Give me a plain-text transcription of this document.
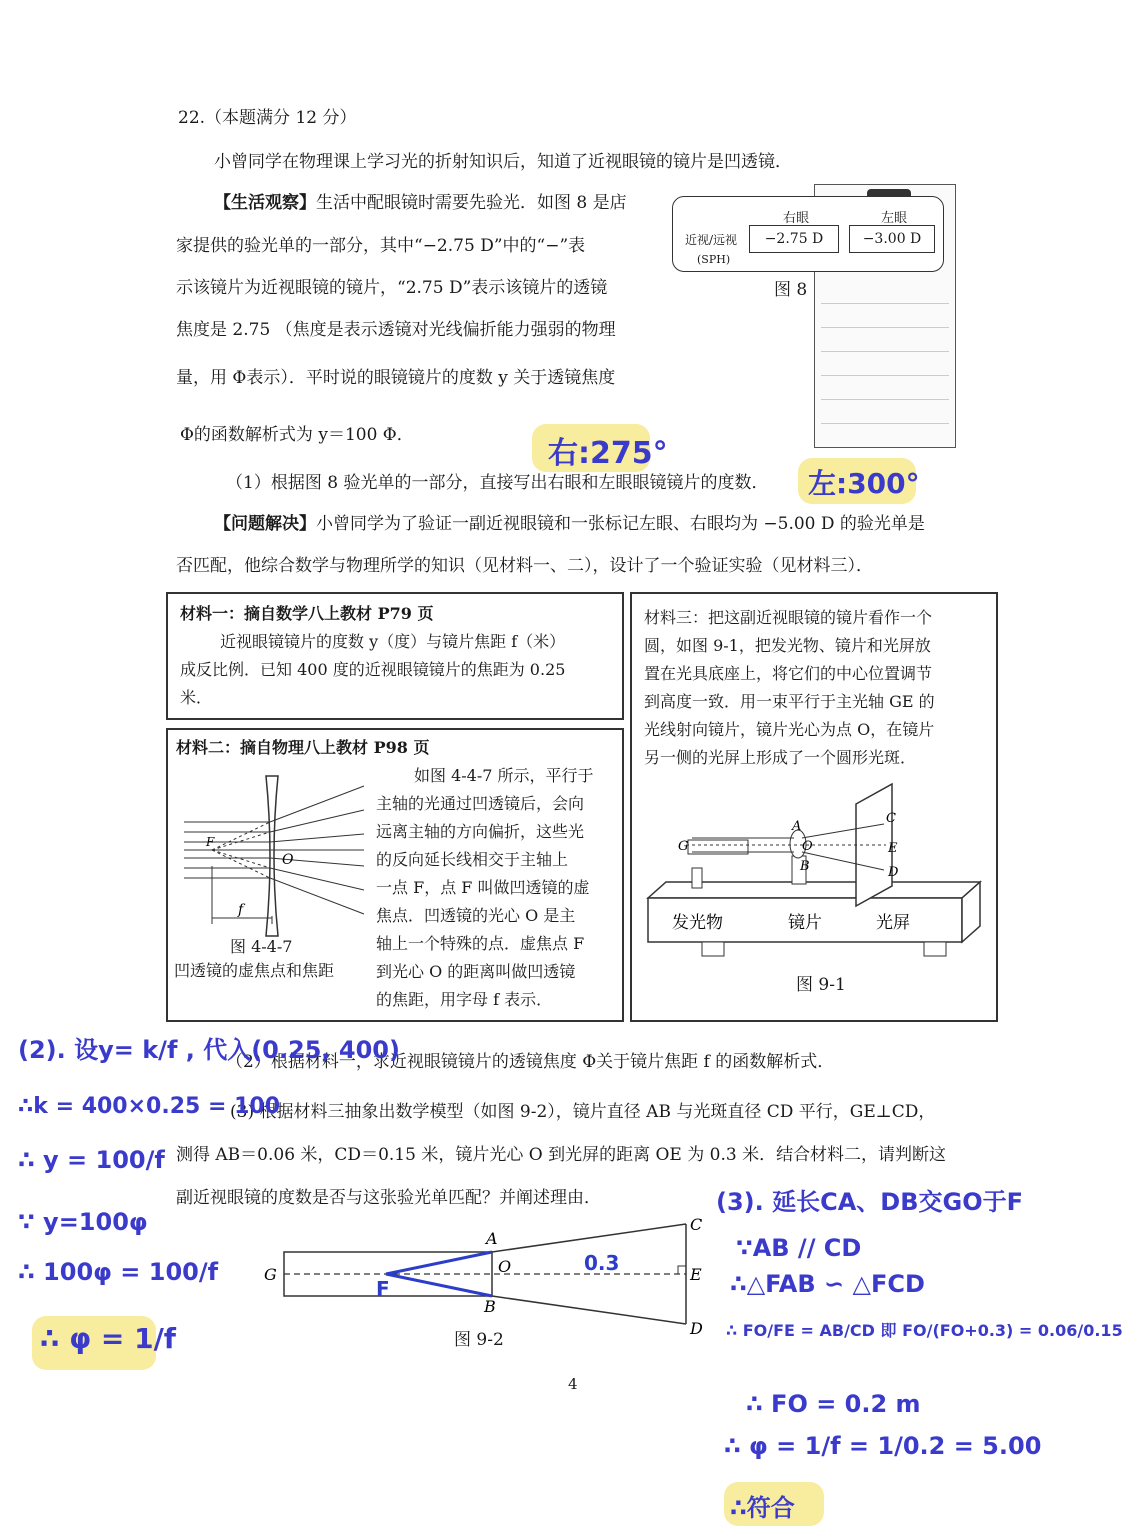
22.（本题满分 12 分）
小曾同学在物理课上学习光的折射知识后，知道了近视眼镜的镜片是凹透镜．
【生活观察】生活中配眼镜时需要先验光．如图 8 是店
家提供的验光单的一部分，其中“−2.75 D”中的“−”表
示该镜片为近视眼镜的镜片，“2.75 D”表示该镜片的透镜
焦度是 2.75 （焦度是表示透镜对光线偏折能力强弱的物理
量，用 Φ表示）．平时说的眼镜镜片的度数 y 关于透镜焦度
Φ的函数解析式为 y＝100 Φ．
右眼	左眼
近视/远视
(SPH)
−2.75 D	−3.00 D
图 8
右:275°
（1）根据图 8 验光单的一部分，直接写出右眼和左眼眼镜镜片的度数． 左:300°
【问题解决】小曾同学为了验证一副近视眼镜和一张标记左眼、右眼均为 −5.00 D 的验光单是
否匹配，他综合数学与物理所学的知识（见材料一、二），设计了一个验证实验（见材料三）．
材料一：摘自数学八上教材 P79 页
近视眼镜镜片的度数 y（度）与镜片焦距 f（米）
成反比例．已知 400 度的近视眼镜镜片的焦距为 0.25
米．
材料二：摘自物理八上教材 P98 页
如图 4-4-7 所示，平行于
主轴的光通过凹透镜后，会向
远离主轴的方向偏折，这些光
的反向延长线相交于主轴上
一点 F，点 F 叫做凹透镜的虚
焦点．凹透镜的光心 O 是主
轴上一个特殊的点．虚焦点 F
到光心 O 的距离叫做凹透镜
的焦距，用字母 f 表示．
O
F
f
图 4-4-7
凹透镜的虚焦点和焦距
材料三：把这副近视眼镜的镜片看作一个
圆，如图 9-1，把发光物、镜片和光屏放
置在光具底座上，将它们的中心位置调节
到高度一致．用一束平行于主光轴 GE 的
光线射向镜片，镜片光心为点 O，在镜片
另一侧的光屏上形成了一个圆形光斑．
G
A
O
B
C
E
D
发光物	镜片	光屏
图 9-1
（2）根据材料一，求近视眼镜镜片的透镜焦度 Φ关于镜片焦距 f 的函数解析式．
(3) 根据材料三抽象出数学模型（如图 9-2），镜片直径 AB 与光斑直径 CD 平行，GE⊥CD，
测得 AB＝0.06 米，CD＝0.15 米，镜片光心 O 到光屏的距离 OE 为 0.3 米．结合材料二，请判断这
副近视眼镜的度数是否与这张验光单匹配？并阐述理由．
G
A
O
B
C
E
D
F
0.3
图 9-2
4
(2). 设y= k/f , 代入(0.25, 400)
∴k = 400×0.25 = 100
∴ y = 100/f
∵ y=100φ
∴ 100φ = 100/f
∴ φ = 1/f
(3). 延长CA、DB交GO于F
∵AB // CD
∴△FAB ∽ △FCD
∴ FO/FE = AB/CD 即 FO/(FO+0.3) = 0.06/0.15
∴ FO = 0.2 m
∴ φ = 1/f = 1/0.2 = 5.00
∴符合
